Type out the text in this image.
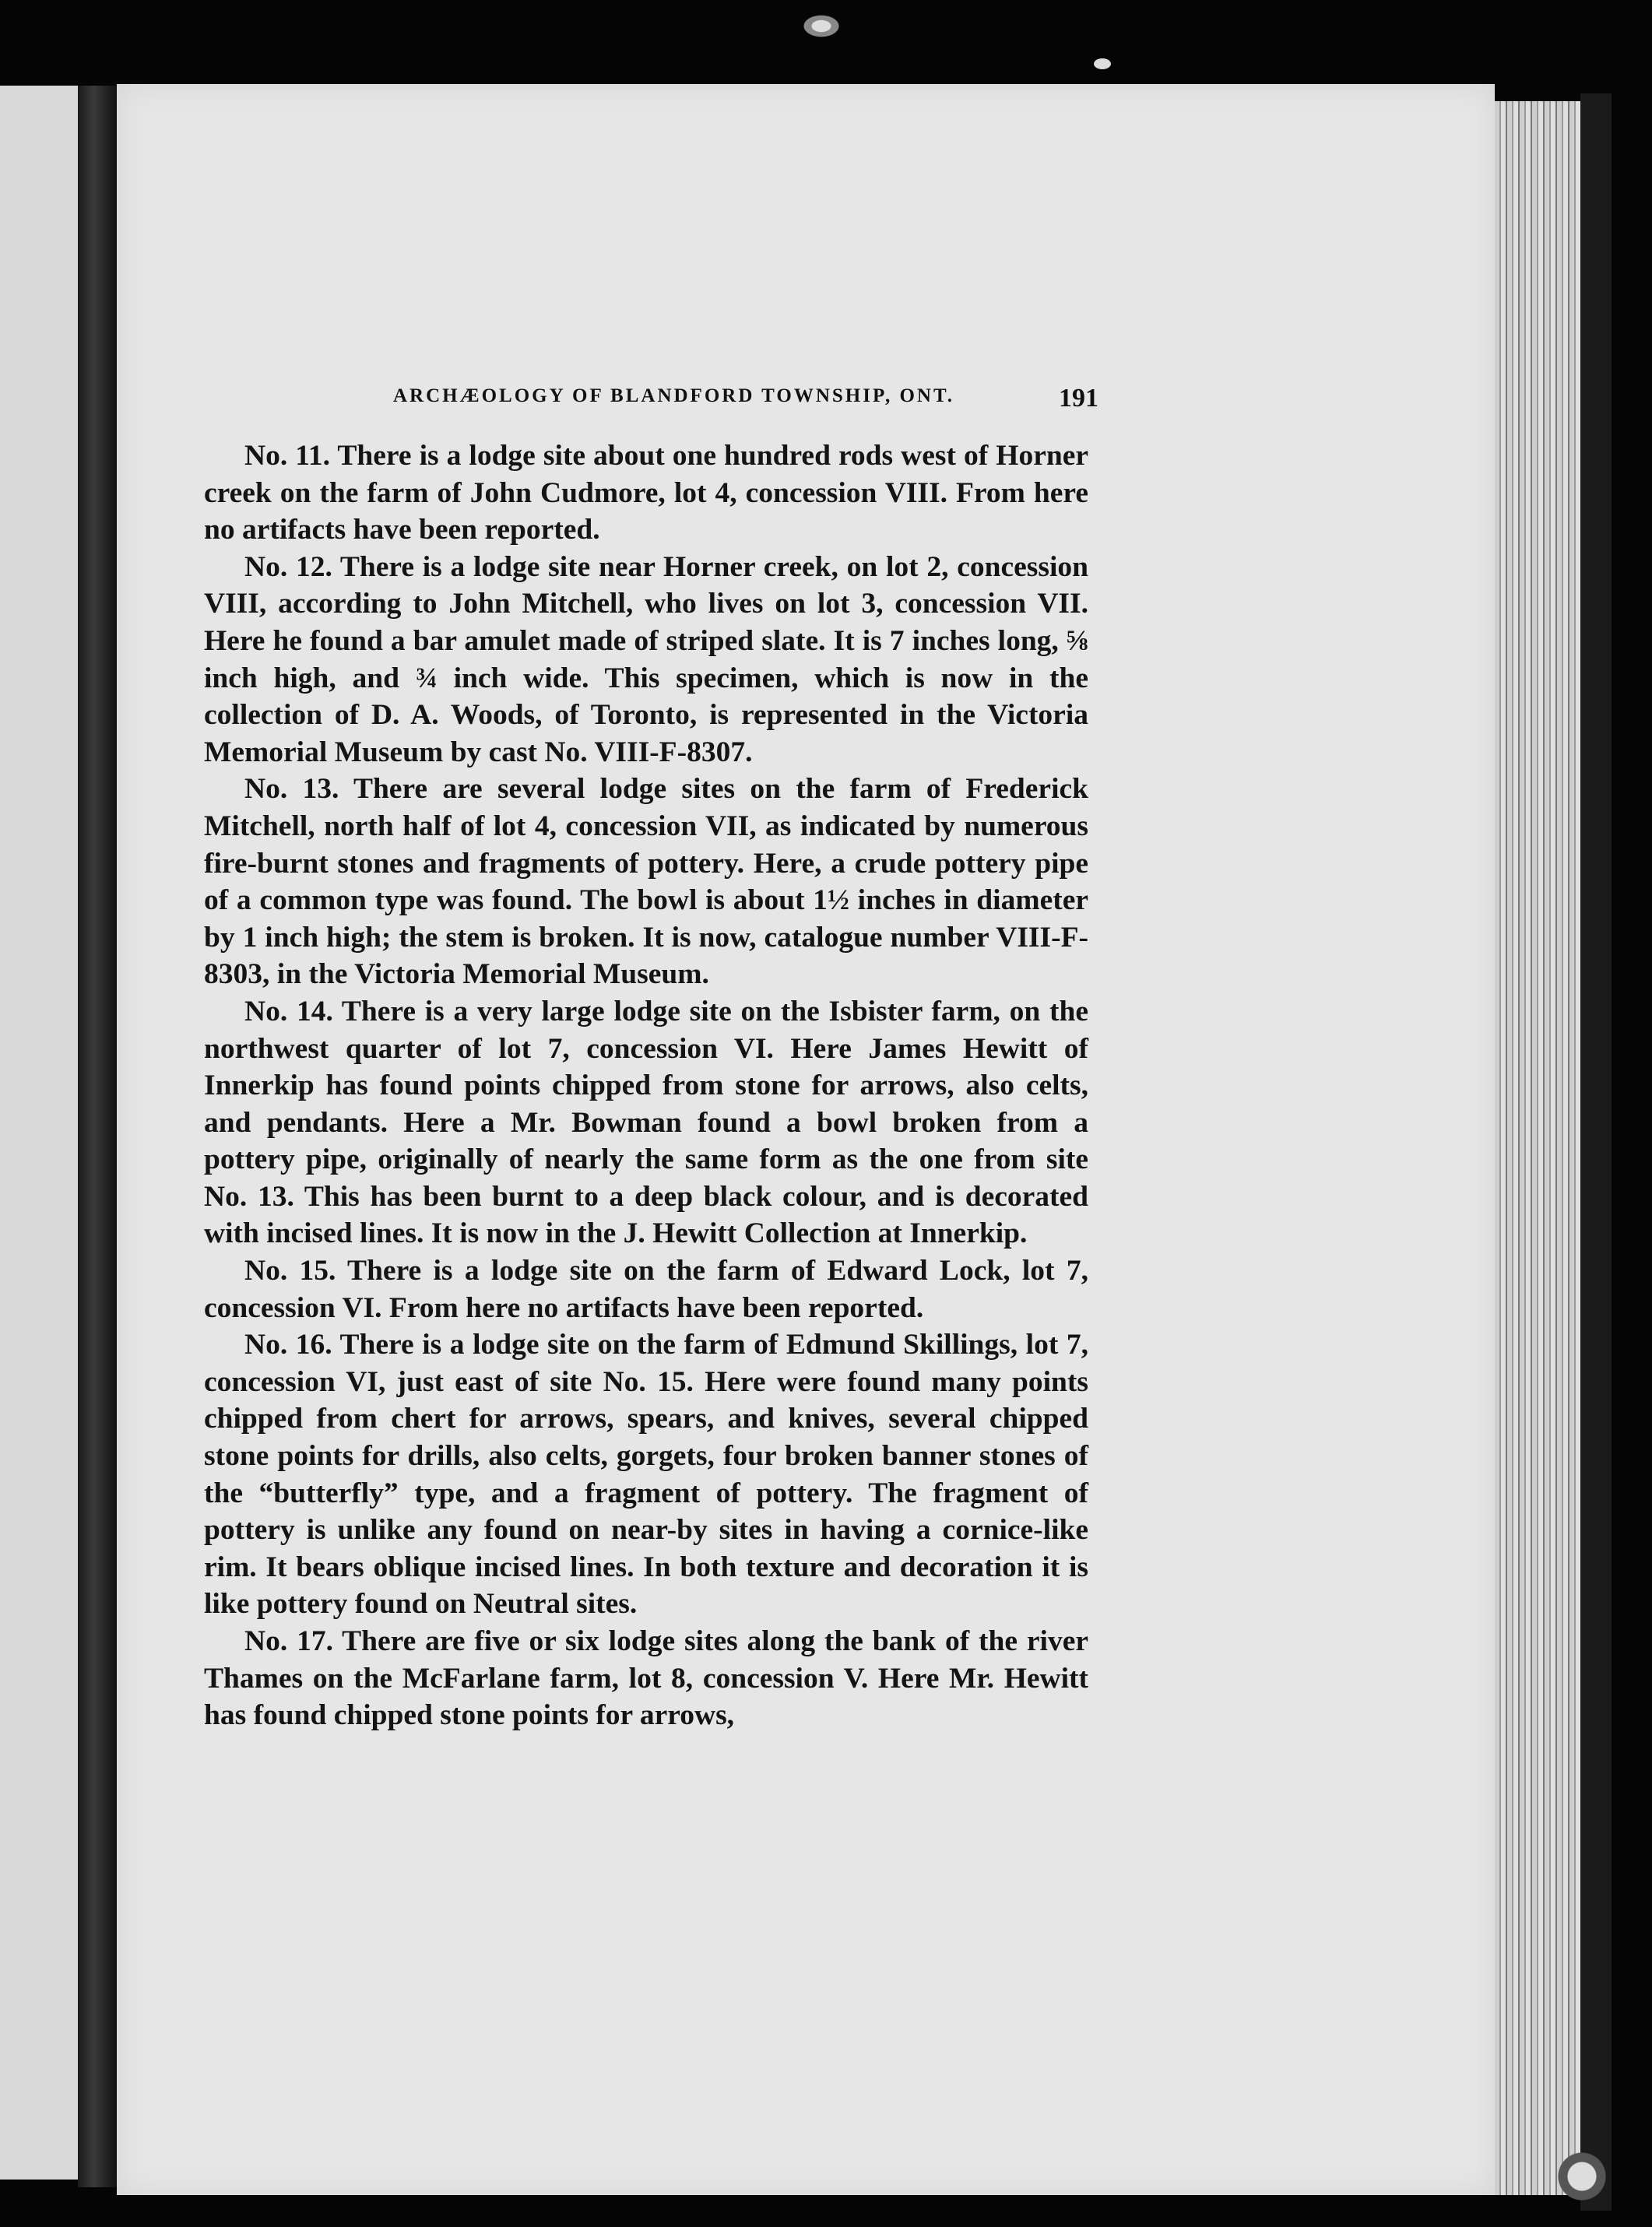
ARCHÆOLOGY OF BLANDFORD TOWNSHIP, ONT.	191

No. 11. There is a lodge site about one hundred rods west of Horner creek on the farm of John Cudmore, lot 4, concession VIII. From here no artifacts have been reported.

No. 12. There is a lodge site near Horner creek, on lot 2, concession VIII, according to John Mitchell, who lives on lot 3, concession VII. Here he found a bar amulet made of striped slate. It is 7 inches long, ⅝ inch high, and ¾ inch wide. This specimen, which is now in the collection of D. A. Woods, of Toronto, is represented in the Victoria Memorial Museum by cast No. VIII-F-8307.

No. 13. There are several lodge sites on the farm of Frederick Mitchell, north half of lot 4, concession VII, as indicated by numerous fire-burnt stones and fragments of pottery. Here, a crude pottery pipe of a common type was found. The bowl is about 1½ inches in diameter by 1 inch high; the stem is broken. It is now, catalogue number VIII-F-8303, in the Victoria Memorial Museum.

No. 14. There is a very large lodge site on the Isbister farm, on the northwest quarter of lot 7, concession VI. Here James Hewitt of Innerkip has found points chipped from stone for arrows, also celts, and pendants. Here a Mr. Bowman found a bowl broken from a pottery pipe, originally of nearly the same form as the one from site No. 13. This has been burnt to a deep black colour, and is decorated with incised lines. It is now in the J. Hewitt Collection at Innerkip.

No. 15. There is a lodge site on the farm of Edward Lock, lot 7, concession VI. From here no artifacts have been reported.

No. 16. There is a lodge site on the farm of Edmund Skillings, lot 7, concession VI, just east of site No. 15. Here were found many points chipped from chert for arrows, spears, and knives, several chipped stone points for drills, also celts, gorgets, four broken banner stones of the “butterfly” type, and a fragment of pottery. The fragment of pottery is unlike any found on near-by sites in having a cornice-like rim. It bears oblique incised lines. In both texture and decoration it is like pottery found on Neutral sites.

No. 17. There are five or six lodge sites along the bank of the river Thames on the McFarlane farm, lot 8, concession V. Here Mr. Hewitt has found chipped stone points for arrows,
